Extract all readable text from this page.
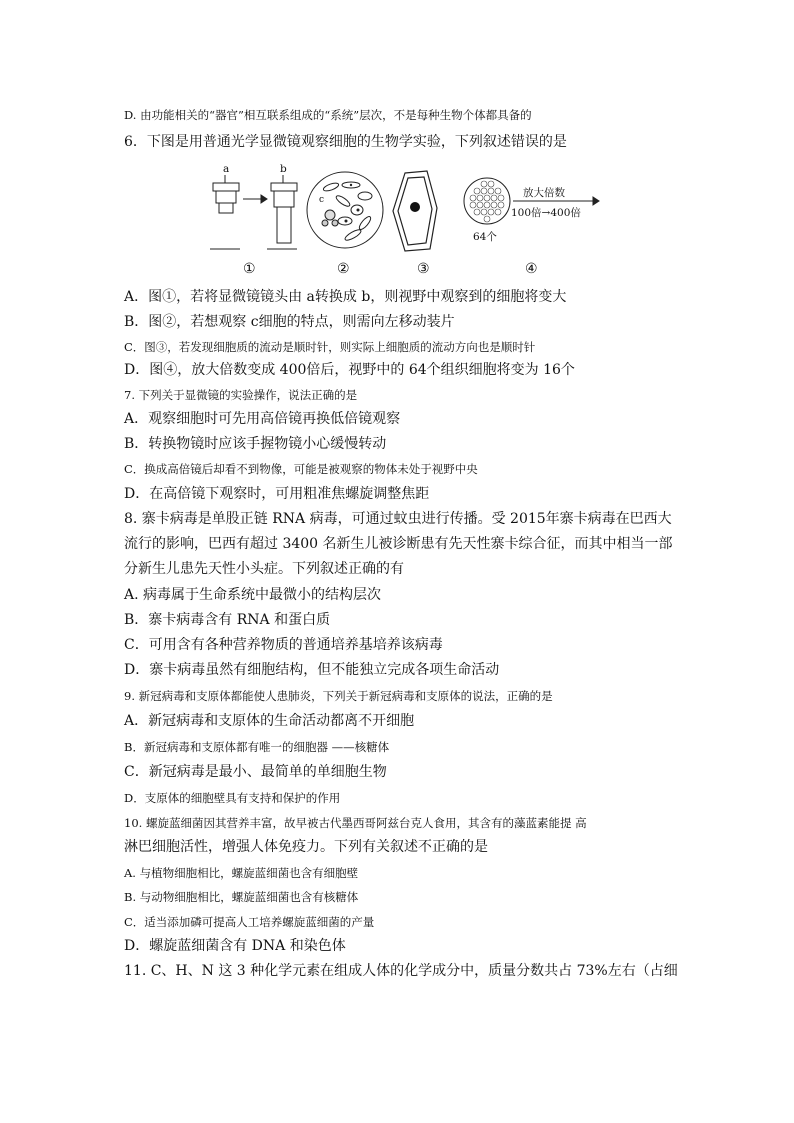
D. 由功能相关的“器官”相互联系组成的“系统”层次，不是每种生物个体都具备的
6．下图是用普通光学显微镜观察细胞的生物学实验，下列叙述错误的是
a	b
c
放大倍数
100倍→400倍
64个
①	②	③	④
A．图①，若将显微镜镜头由 a转换成 b，则视野中观察到的细胞将变大
B．图②，若想观察 c细胞的特点，则需向左移动装片
C．图③，若发现细胞质的流动是顺时针，则实际上细胞质的流动方向也是顺时针
D．图④，放大倍数变成 400倍后，视野中的 64个组织细胞将变为 16个
7. 下列关于显微镜的实验操作，说法正确的是
A．观察细胞时可先用高倍镜再换低倍镜观察
B．转换物镜时应该手握物镜小心缓慢转动
C．换成高倍镜后却看不到物像，可能是被观察的物体未处于视野中央
D．在高倍镜下观察时，可用粗准焦螺旋调整焦距
8. 寨卡病毒是单股正链 RNA 病毒，可通过蚊虫进行传播。受 2015年寨卡病毒在巴西大
流行的影响，巴西有超过 3400 名新生儿被诊断患有先天性寨卡综合征，而其中相当一部
分新生儿患先天性小头症。下列叙述正确的有
A. 病毒属于生命系统中最微小的结构层次
B．寨卡病毒含有 RNA 和蛋白质
C．可用含有各种营养物质的普通培养基培养该病毒
D．寨卡病毒虽然有细胞结构，但不能独立完成各项生命活动
9. 新冠病毒和支原体都能使人患肺炎，下列关于新冠病毒和支原体的说法，正确的是
A．新冠病毒和支原体的生命活动都离不开细胞
B．新冠病毒和支原体都有唯一的细胞器 ——核糖体
C．新冠病毒是最小、最简单的单细胞生物
D．支原体的细胞壁具有支持和保护的作用
10. 螺旋蓝细菌因其营养丰富，故早被古代墨西哥阿兹台克人食用，其含有的藻蓝素能提 高
淋巴细胞活性，增强人体免疫力。下列有关叙述不正确的是
A. 与植物细胞相比，螺旋蓝细菌也含有细胞壁
B. 与动物细胞相比，螺旋蓝细菌也含有核糖体
C．适当添加磷可提高人工培养螺旋蓝细菌的产量
D．螺旋蓝细菌含有 DNA 和染色体
11. C、H、N 这 3 种化学元素在组成人体的化学成分中，质量分数共占 73%左右（占细
